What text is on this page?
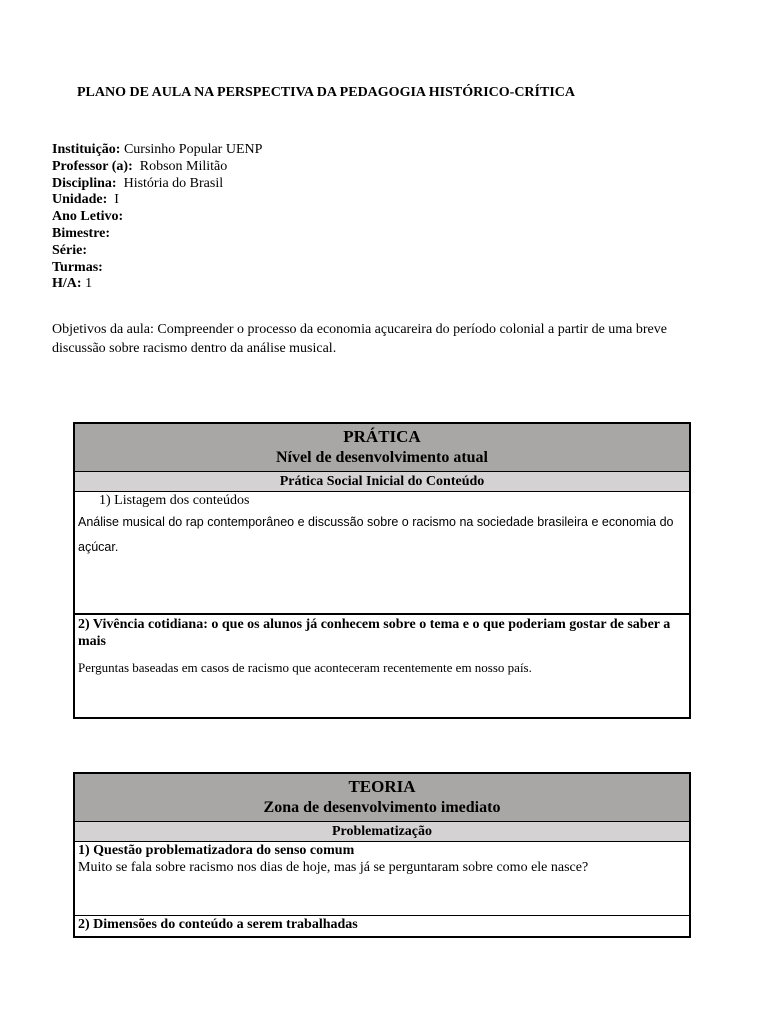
PLANO DE AULA NA PERSPECTIVA DA PEDAGOGIA HISTÓRICO-CRÍTICA
Instituição: Cursinho Popular UENP
Professor (a):  Robson Militão
Disciplina:  História do Brasil
Unidade:  I
Ano Letivo:
Bimestre:
Série:
Turmas:
H/A: 1
Objetivos da aula: Compreender o processo da economia açucareira do período colonial a partir de uma breve discussão sobre racismo dentro da análise musical.
PRÁTICA
Nível de desenvolvimento atual
Prática Social Inicial do Conteúdo
1) Listagem dos conteúdos
Análise musical do rap contemporâneo e discussão sobre o racismo na sociedade brasileira e economia do açúcar.
2) Vivência cotidiana: o que os alunos já conhecem sobre o tema e o que poderiam gostar de saber a mais
Perguntas baseadas em casos de racismo que aconteceram recentemente em nosso país.
TEORIA
Zona de desenvolvimento imediato
Problematização
1) Questão problematizadora do senso comum
Muito se fala sobre racismo nos dias de hoje, mas já se perguntaram sobre como ele nasce?
2) Dimensões do conteúdo a serem trabalhadas
